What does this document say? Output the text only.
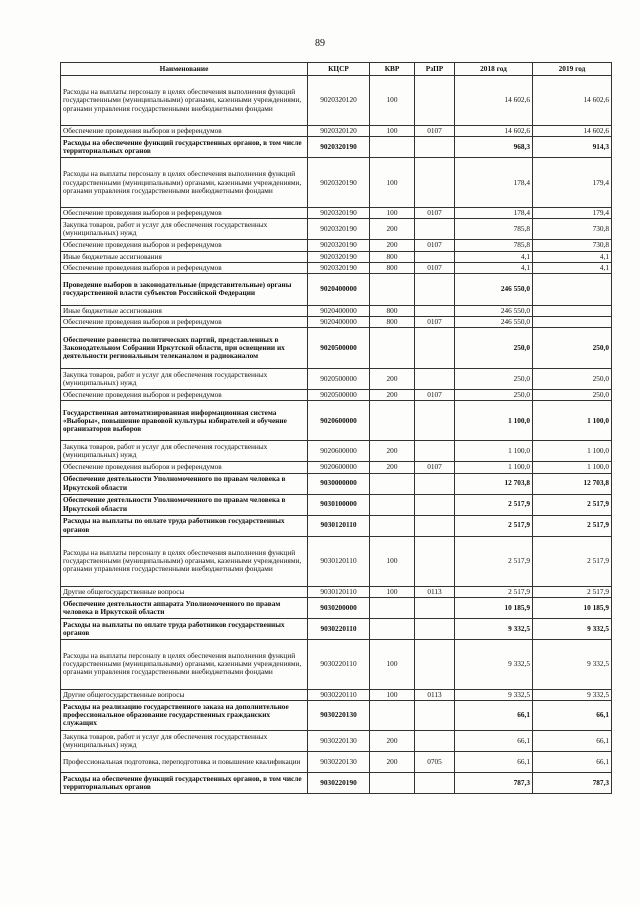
89
Наименование	КЦСР	КВР	РзПР	2018 год	2019 год
Расходы на выплаты персоналу в целях обеспечения выполнения функций государственными (муниципальными) органами, казенными учреждениями, органами управления государственными внебюджетными фондами	9020320120	100		14 602,6	14 602,6
Обеспечение проведения выборов и референдумов	9020320120	100	0107	14 602,6	14 602,6
Расходы на обеспечение функций государственных органов, в том числе территориальных органов	9020320190			968,3	914,3
Расходы на выплаты персоналу в целях обеспечения выполнения функций государственными (муниципальными) органами, казенными учреждениями, органами управления государственными внебюджетными фондами	9020320190	100		178,4	179,4
Обеспечение проведения выборов и референдумов	9020320190	100	0107	178,4	179,4
Закупка товаров, работ и услуг для обеспечения государственных (муниципальных) нужд	9020320190	200		785,8	730,8
Обеспечение проведения выборов и референдумов	9020320190	200	0107	785,8	730,8
Иные бюджетные ассигнования	9020320190	800		4,1	4,1
Обеспечение проведения выборов и референдумов	9020320190	800	0107	4,1	4,1
Проведение выборов в законодательные (представительные) органы государственной власти субъектов Российской Федерации	9020400000			246 550,0	
Иные бюджетные ассигнования	9020400000	800		246 550,0	
Обеспечение проведения выборов и референдумов	9020400000	800	0107	246 550,0	
Обеспечение равенства политических партий, представленных в Законодательном Собрании Иркутской области, при освещении их деятельности региональным телеканалом и радиоканалом	9020500000			250,0	250,0
Закупка товаров, работ и услуг для обеспечения государственных (муниципальных) нужд	9020500000	200		250,0	250,0
Обеспечение проведения выборов и референдумов	9020500000	200	0107	250,0	250,0
Государственная автоматизированная информационная система «Выборы», повышение правовой культуры избирателей и обучение организаторов выборов	9020600000			1 100,0	1 100,0
Закупка товаров, работ и услуг для обеспечения государственных (муниципальных) нужд	9020600000	200		1 100,0	1 100,0
Обеспечение проведения выборов и референдумов	9020600000	200	0107	1 100,0	1 100,0
Обеспечение деятельности Уполномоченного по правам человека в Иркутской области	9030000000			12 703,8	12 703,8
Обеспечение деятельности Уполномоченного по правам человека в Иркутской области	9030100000			2 517,9	2 517,9
Расходы на выплаты по оплате труда работников государственных органов	9030120110			2 517,9	2 517,9
Расходы на выплаты персоналу в целях обеспечения выполнения функций государственными (муниципальными) органами, казенными учреждениями, органами управления государственными внебюджетными фондами	9030120110	100		2 517,9	2 517,9
Другие общегосударственные вопросы	9030120110	100	0113	2 517,9	2 517,9
Обеспечение деятельности аппарата Уполномоченного по правам человека в Иркутской области	9030200000			10 185,9	10 185,9
Расходы на выплаты по оплате труда работников государственных органов	9030220110			9 332,5	9 332,5
Расходы на выплаты персоналу в целях обеспечения выполнения функций государственными (муниципальными) органами, казенными учреждениями, органами управления государственными внебюджетными фондами	9030220110	100		9 332,5	9 332,5
Другие общегосударственные вопросы	9030220110	100	0113	9 332,5	9 332,5
Расходы на реализацию государственного заказа на дополнительное профессиональное образование государственных гражданских служащих	9030220130			66,1	66,1
Закупка товаров, работ и услуг для обеспечения государственных (муниципальных) нужд	9030220130	200		66,1	66,1
Профессиональная подготовка, переподготовка и повышение квалификации	9030220130	200	0705	66,1	66,1
Расходы на обеспечение функций государственных органов, в том числе территориальных органов	9030220190			787,3	787,3
